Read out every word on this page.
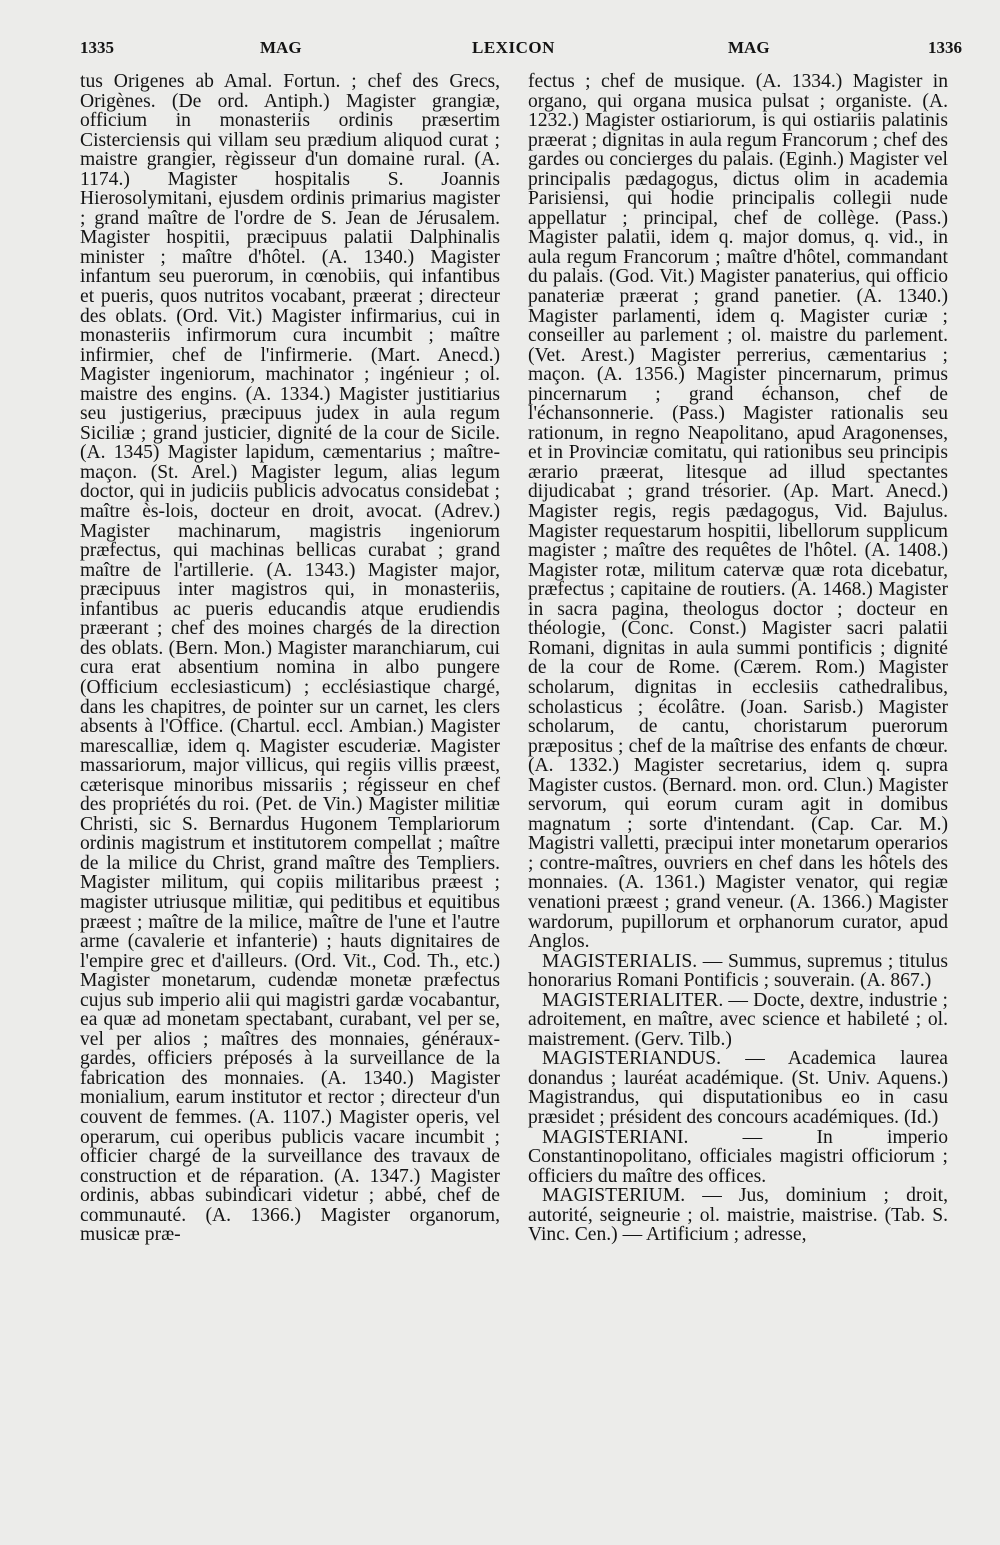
1335	MAG	LEXICON	MAG	1336

tus Origenes ab Amal. Fortun. ; chef des Grecs, Origènes. (De ord. Antiph.) Magister grangiæ, officium in monasteriis ordinis præsertim Cisterciensis qui villam seu prædium aliquod curat ; maistre grangier, règisseur d'un domaine rural. (A. 1174.) Magister hospitalis S. Joannis Hierosolymitani, ejusdem ordinis primarius magister ; grand maître de l'ordre de S. Jean de Jérusalem. Magister hospitii, præcipuus palatii Dalphinalis minister ; maître d'hôtel. (A. 1340.) Magister infantum seu puerorum, in cœnobiis, qui infantibus et pueris, quos nutritos vocabant, præerat ; directeur des oblats. (Ord. Vit.) Magister infirmarius, cui in monasteriis infirmorum cura incumbit ; maître infirmier, chef de l'infirmerie. (Mart. Anecd.) Magister ingeniorum, machinator ; ingénieur ; ol. maistre des engins. (A. 1334.) Magister justitiarius seu justigerius, præcipuus judex in aula regum Siciliæ ; grand justicier, dignité de la cour de Sicile. (A. 1345) Magister lapidum, cæmentarius ; maître-maçon. (St. Arel.) Magister legum, alias legum doctor, qui in judiciis publicis advocatus considebat ; maître ès-lois, docteur en droit, avocat. (Adrev.) Magister machinarum, magistris ingeniorum præfectus, qui machinas bellicas curabat ; grand maître de l'artillerie. (A. 1343.) Magister major, præcipuus inter magistros qui, in monasteriis, infantibus ac pueris educandis atque erudiendis præerant ; chef des moines chargés de la direction des oblats. (Bern. Mon.) Magister maranchiarum, cui cura erat absentium nomina in albo pungere (Officium ecclesiasticum) ; ecclésiastique chargé, dans les chapitres, de pointer sur un carnet, les clers absents à l'Office. (Chartul. eccl. Ambian.) Magister marescalliæ, idem q. Magister escuderiæ. Magister massariorum, major villicus, qui regiis villis præest, cæterisque minoribus missariis ; régisseur en chef des propriétés du roi. (Pet. de Vin.) Magister militiæ Christi, sic S. Bernardus Hugonem Templariorum ordinis magistrum et institutorem compellat ; maître de la milice du Christ, grand maître des Templiers. Magister militum, qui copiis militaribus præest ; magister utriusque militiæ, qui peditibus et equitibus præest ; maître de la milice, maître de l'une et l'autre arme (cavalerie et infanterie) ; hauts dignitaires de l'empire grec et d'ailleurs. (Ord. Vit., Cod. Th., etc.) Magister monetarum, cudendæ monetæ præfectus cujus sub imperio alii qui magistri gardæ vocabantur, ea quæ ad monetam spectabant, curabant, vel per se, vel per alios ; maîtres des monnaies, généraux-gardes, officiers préposés à la surveillance de la fabrication des monnaies. (A. 1340.) Magister monialium, earum institutor et rector ; directeur d'un couvent de femmes. (A. 1107.) Magister operis, vel operarum, cui operibus publicis vacare incumbit ; officier chargé de la surveillance des travaux de construction et de réparation. (A. 1347.) Magister ordinis, abbas subindicari videtur ; abbé, chef de communauté. (A. 1366.) Magister organorum, musicæ præ-

fectus ; chef de musique. (A. 1334.) Magister in organo, qui organa musica pulsat ; organiste. (A. 1232.) Magister ostiariorum, is qui ostiariis palatinis præerat ; dignitas in aula regum Francorum ; chef des gardes ou concierges du palais. (Eginh.) Magister vel principalis pædagogus, dictus olim in academia Parisiensi, qui hodie principalis collegii nude appellatur ; principal, chef de collège. (Pass.) Magister palatii, idem q. major domus, q. vid., in aula regum Francorum ; maître d'hôtel, commandant du palais. (God. Vit.) Magister panaterius, qui officio panateriæ præerat ; grand panetier. (A. 1340.) Magister parlamenti, idem q. Magister curiæ ; conseiller au parlement ; ol. maistre du parlement. (Vet. Arest.) Magister perrerius, cæmentarius ; maçon. (A. 1356.) Magister pincernarum, primus pincernarum ; grand échanson, chef de l'échansonnerie. (Pass.) Magister rationalis seu rationum, in regno Neapolitano, apud Aragonenses, et in Provinciæ comitatu, qui rationibus seu principis ærario præerat, litesque ad illud spectantes dijudicabat ; grand trésorier. (Ap. Mart. Anecd.) Magister regis, regis pædagogus, Vid. Bajulus. Magister requestarum hospitii, libellorum supplicum magister ; maître des requêtes de l'hôtel. (A. 1408.) Magister rotæ, militum catervæ quæ rota dicebatur, præfectus ; capitaine de routiers. (A. 1468.) Magister in sacra pagina, theologus doctor ; docteur en théologie, (Conc. Const.) Magister sacri palatii Romani, dignitas in aula summi pontificis ; dignité de la cour de Rome. (Cærem. Rom.) Magister scholarum, dignitas in ecclesiis cathedralibus, scholasticus ; écolâtre. (Joan. Sarisb.) Magister scholarum, de cantu, choristarum puerorum præpositus ; chef de la maîtrise des enfants de chœur. (A. 1332.) Magister secretarius, idem q. supra Magister custos. (Bernard. mon. ord. Clun.) Magister servorum, qui eorum curam agit in domibus magnatum ; sorte d'intendant. (Cap. Car. M.) Magistri valletti, præcipui inter monetarum operarios ; contre-maîtres, ouvriers en chef dans les hôtels des monnaies. (A. 1361.) Magister venator, qui regiæ venationi præest ; grand veneur. (A. 1366.) Magister wardorum, pupillorum et orphanorum curator, apud Anglos.

MAGISTERIALIS. — Summus, supremus ; titulus honorarius Romani Pontificis ; souverain. (A. 867.)

MAGISTERIALITER. — Docte, dextre, industrie ; adroitement, en maître, avec science et habileté ; ol. maistrement. (Gerv. Tilb.)

MAGISTERIANDUS. — Academica laurea donandus ; lauréat académique. (St. Univ. Aquens.) Magistrandus, qui disputationibus eo in casu præsidet ; président des concours académiques. (Id.)

MAGISTERIANI. — In imperio Constantinopolitano, officiales magistri officiorum ; officiers du maître des offices.

MAGISTERIUM. — Jus, dominium ; droit, autorité, seigneurie ; ol. maistrie, maistrise. (Tab. S. Vinc. Cen.) — Artificium ; adresse,
